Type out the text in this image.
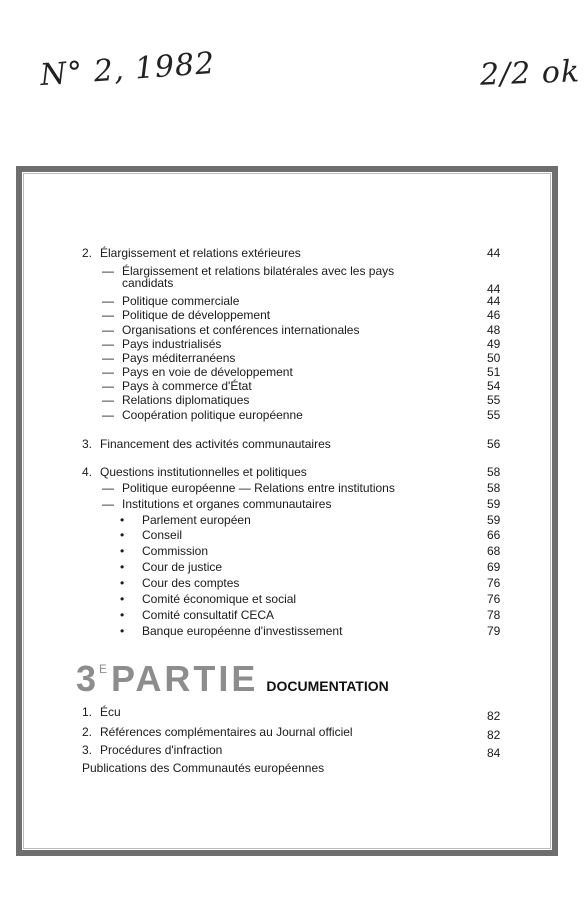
N° 2, 1982	2/2 ok
2. Élargissement et relations extérieures	44
— Élargissement et relations bilatérales avec les pays
candidats	44
— Politique commerciale	44
— Politique de développement	46
— Organisations et conférences internationales	48
— Pays industrialisés	49
— Pays méditerranéens	50
— Pays en voie de développement	51
— Pays à commerce d'État	54
— Relations diplomatiques	55
— Coopération politique européenne	55
3. Financement des activités communautaires	56
4. Questions institutionnelles et politiques	58
— Politique européenne — Relations entre institutions	58
— Institutions et organes communautaires	59
• Parlement européen	59
• Conseil	66
• Commission	68
• Cour de justice	69
• Cour des comptes	76
• Comité économique et social	76
• Comité consultatif CECA	78
• Banque européenne d'investissement	79
$3^E$ PARTIE DOCUMENTATION
1. Écu	82
2. Références complémentaires au Journal officiel	82
3. Procédures d'infraction	84
Publications des Communautés européennes
